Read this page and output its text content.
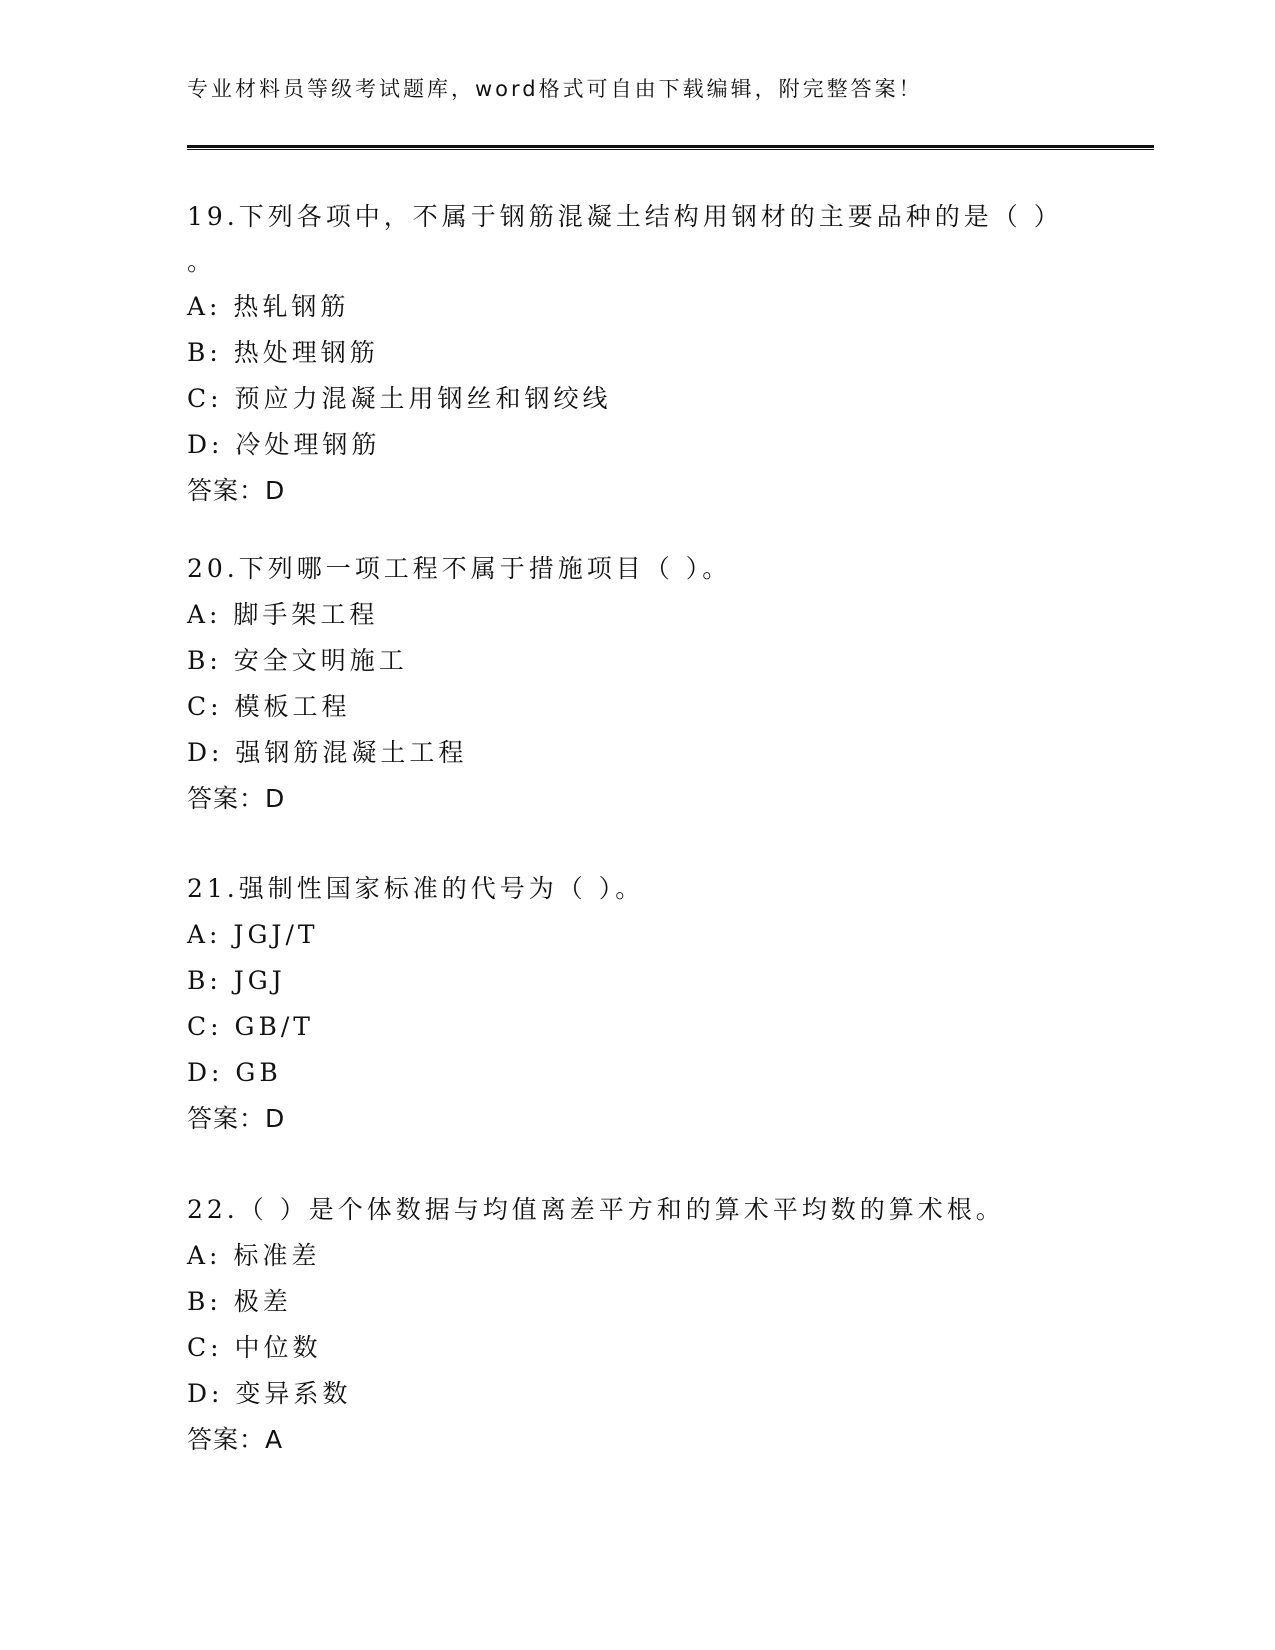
专业材料员等级考试题库，word格式可自由下载编辑，附完整答案！
19.下列各项中，不属于钢筋混凝土结构用钢材的主要品种的是（ ）
。
A: 热轧钢筋
B: 热处理钢筋
C: 预应力混凝土用钢丝和钢绞线
D: 冷处理钢筋
答案：D
20.下列哪一项工程不属于措施项目（ ）。
A: 脚手架工程
B: 安全文明施工
C: 模板工程
D: 强钢筋混凝土工程
答案：D
21.强制性国家标准的代号为（ ）。
A: JGJ/T
B: JGJ
C: GB/T
D: GB
答案：D
22.（ ）是个体数据与均值离差平方和的算术平均数的算术根。
A: 标准差
B: 极差
C: 中位数
D: 变异系数
答案：A
